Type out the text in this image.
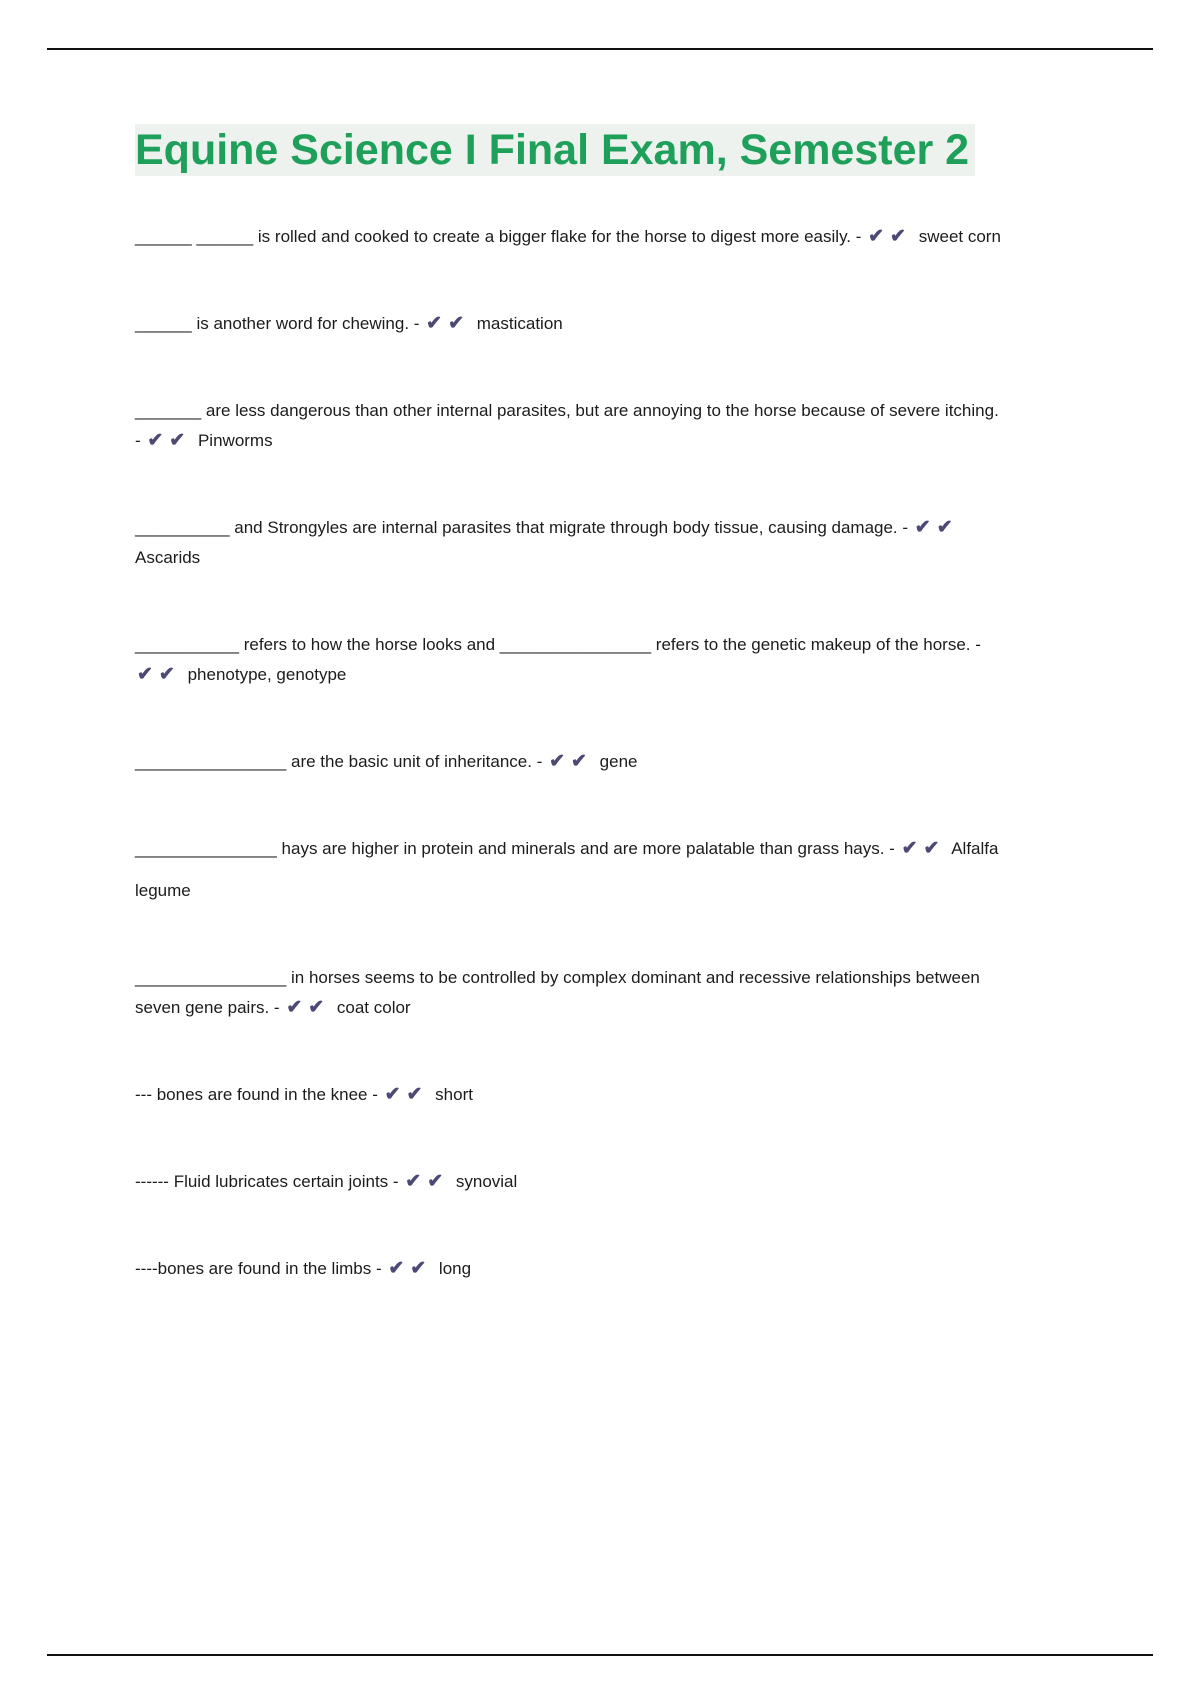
Equine Science I Final Exam, Semester 2
______ ______ is rolled and cooked to create a bigger flake for the horse to digest more easily. - ✔✔ sweet corn
______ is another word for chewing. - ✔✔ mastication
_______ are less dangerous than other internal parasites, but are annoying to the horse because of severe itching. - ✔✔ Pinworms
__________ and Strongyles are internal parasites that migrate through body tissue, causing damage. - ✔✔ Ascarids
___________ refers to how the horse looks and ________________ refers to the genetic makeup of the horse. - ✔✔ phenotype, genotype
________________ are the basic unit of inheritance. - ✔✔ gene
_______________ hays are higher in protein and minerals and are more palatable than grass hays. - ✔✔ Alfalfa
legume
________________ in horses seems to be controlled by complex dominant and recessive relationships between seven gene pairs. - ✔✔ coat color
--- bones are found in the knee - ✔✔ short
------ Fluid lubricates certain joints - ✔✔ synovial
----bones are found in the limbs - ✔✔ long
